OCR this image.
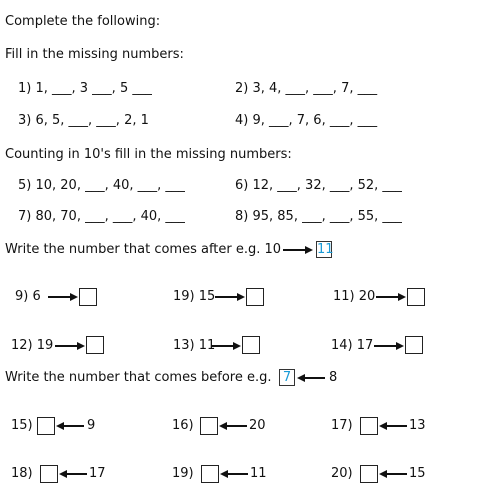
Complete the following:
Fill in the missing numbers:
1) 1, ___, 3 ___, 5 ___	2) 3, 4, ___, ___, 7, ___
3) 6, 5, ___, ___, 2, 1	4) 9, ___, 7, 6, ___, ___
Counting in 10's fill in the missing numbers:
5) 10, 20, ___, 40, ___, ___	6) 12, ___, 32, ___, 52, ___
7) 80, 70, ___, ___, 40, ___	8) 95, 85, ___, ___, 55, ___
Write the number that comes after e.g. 10	11
9) 6	19) 15	11) 20
12) 19	13) 11	14) 17
Write the number that comes before e.g. 7	8
15)	9	16)	20	17)	13
18)	17	19)	11	20)	15
